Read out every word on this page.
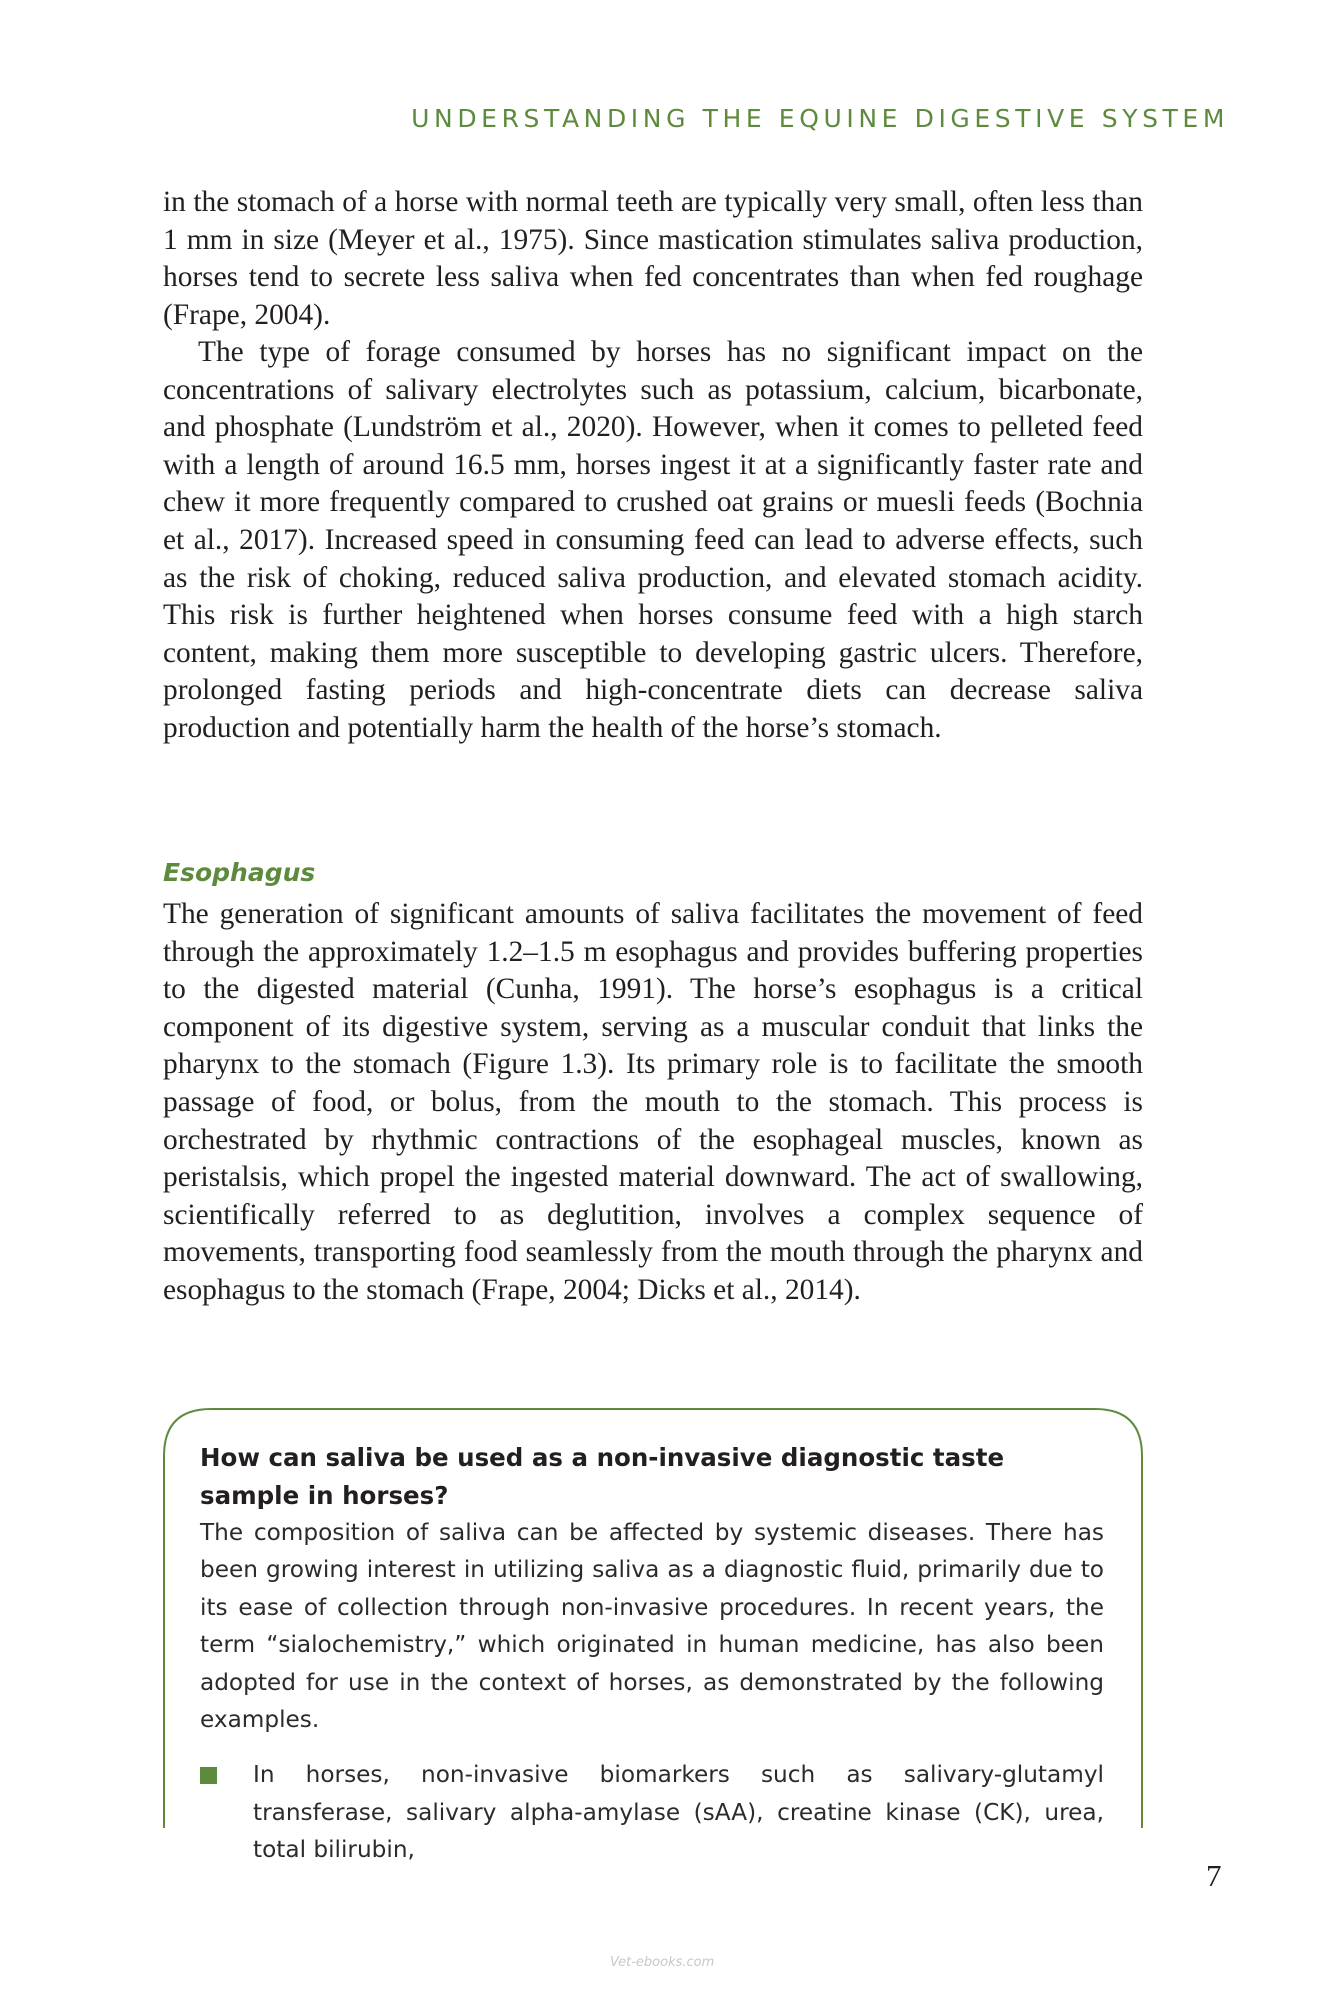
UNDERSTANDING THE EQUINE DIGESTIVE SYSTEM

in the stomach of a horse with normal teeth are typically very small, often less than 1 mm in size (Meyer et al., 1975). Since mastication stimulates saliva production, horses tend to secrete less saliva when fed concentrates than when fed roughage (Frape, 2004).

The type of forage consumed by horses has no significant impact on the concentrations of salivary electrolytes such as potassium, calcium, bicarbonate, and phosphate (Lundström et al., 2020). However, when it comes to pelleted feed with a length of around 16.5 mm, horses ingest it at a significantly faster rate and chew it more frequently compared to crushed oat grains or muesli feeds (Bochnia et al., 2017). Increased speed in consuming feed can lead to adverse effects, such as the risk of choking, reduced saliva production, and elevated stomach acidity. This risk is further heightened when horses consume feed with a high starch content, making them more susceptible to developing gastric ulcers. Therefore, prolonged fasting periods and high-concentrate diets can decrease saliva production and potentially harm the health of the horse’s stomach.

Esophagus

The generation of significant amounts of saliva facilitates the movement of feed through the approximately 1.2–1.5 m esophagus and provides buffering properties to the digested material (Cunha, 1991). The horse’s esophagus is a critical component of its digestive system, serving as a muscular conduit that links the pharynx to the stomach (Figure 1.3). Its primary role is to facilitate the smooth passage of food, or bolus, from the mouth to the stomach. This process is orchestrated by rhythmic contractions of the esophageal muscles, known as peristalsis, which propel the ingested material downward. The act of swallowing, scientifically referred to as deglutition, involves a complex sequence of movements, transporting food seamlessly from the mouth through the pharynx and esophagus to the stomach (Frape, 2004; Dicks et al., 2014).

How can saliva be used as a non-invasive diagnostic taste sample in horses?

The composition of saliva can be affected by systemic diseases. There has been growing interest in utilizing saliva as a diagnostic fluid, primarily due to its ease of collection through non-invasive procedures. In recent years, the term “sialochemistry,” which originated in human medicine, has also been adopted for use in the context of horses, as demonstrated by the following examples.

In horses, non-invasive biomarkers such as salivary-glutamyl transferase, salivary alpha-amylase (sAA), creatine kinase (CK), urea, total bilirubin,

7
Vet-ebooks.com
